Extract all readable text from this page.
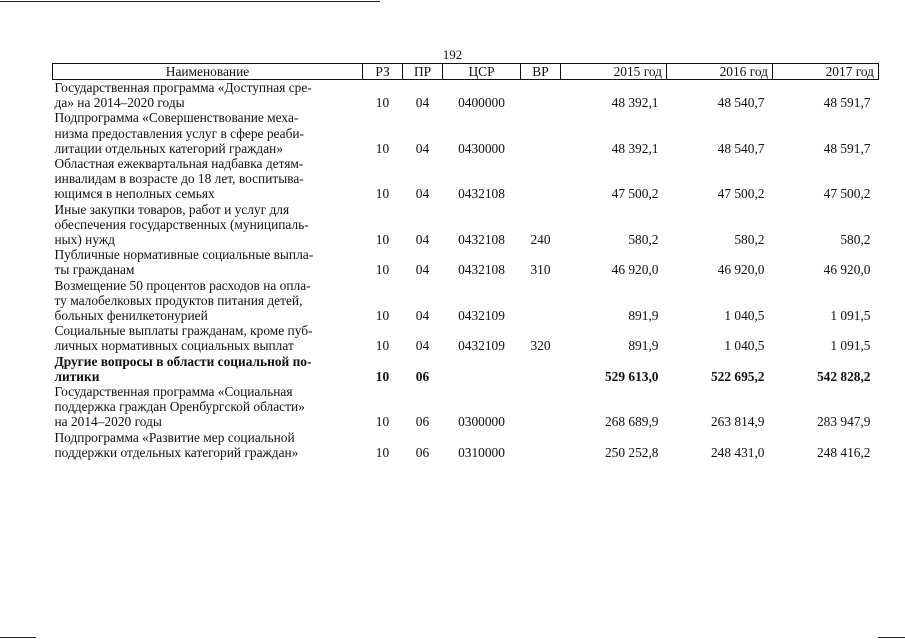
192
Наименование	РЗ	ПР	ЦСР	ВР	2015 год	2016 год	2017 год

Государственная программа «Доступная сре-
да» на 2014–2020 годы	10	04	0400000		48 392,1	48 540,7	48 591,7

Подпрограмма «Совершенствование меха-
низма предоставления услуг в сфере реаби-
литации отдельных категорий граждан»	10	04	0430000		48 392,1	48 540,7	48 591,7

Областная ежеквартальная надбавка детям-
инвалидам в возрасте до 18 лет, воспитыва-
ющимся в неполных семьях	10	04	0432108		47 500,2	47 500,2	47 500,2

Иные закупки товаров, работ и услуг для
обеспечения государственных (муниципаль-
ных) нужд	10	04	0432108	240	580,2	580,2	580,2

Публичные нормативные социальные выпла-
ты гражданам	10	04	0432108	310	46 920,0	46 920,0	46 920,0

Возмещение 50 процентов расходов на опла-
ту малобелковых продуктов питания детей,
больных фенилкетонурией	10	04	0432109		891,9	1 040,5	1 091,5

Социальные выплаты гражданам, кроме пуб-
личных нормативных социальных выплат	10	04	0432109	320	891,9	1 040,5	1 091,5

Другие вопросы в области социальной по-
литики	10	06			529 613,0	522 695,2	542 828,2

Государственная программа «Социальная
поддержка граждан Оренбургской области»
на 2014–2020 годы	10	06	0300000		268 689,9	263 814,9	283 947,9

Подпрограмма «Развитие мер социальной
поддержки отдельных категорий граждан»	10	06	0310000		250 252,8	248 431,0	248 416,2
